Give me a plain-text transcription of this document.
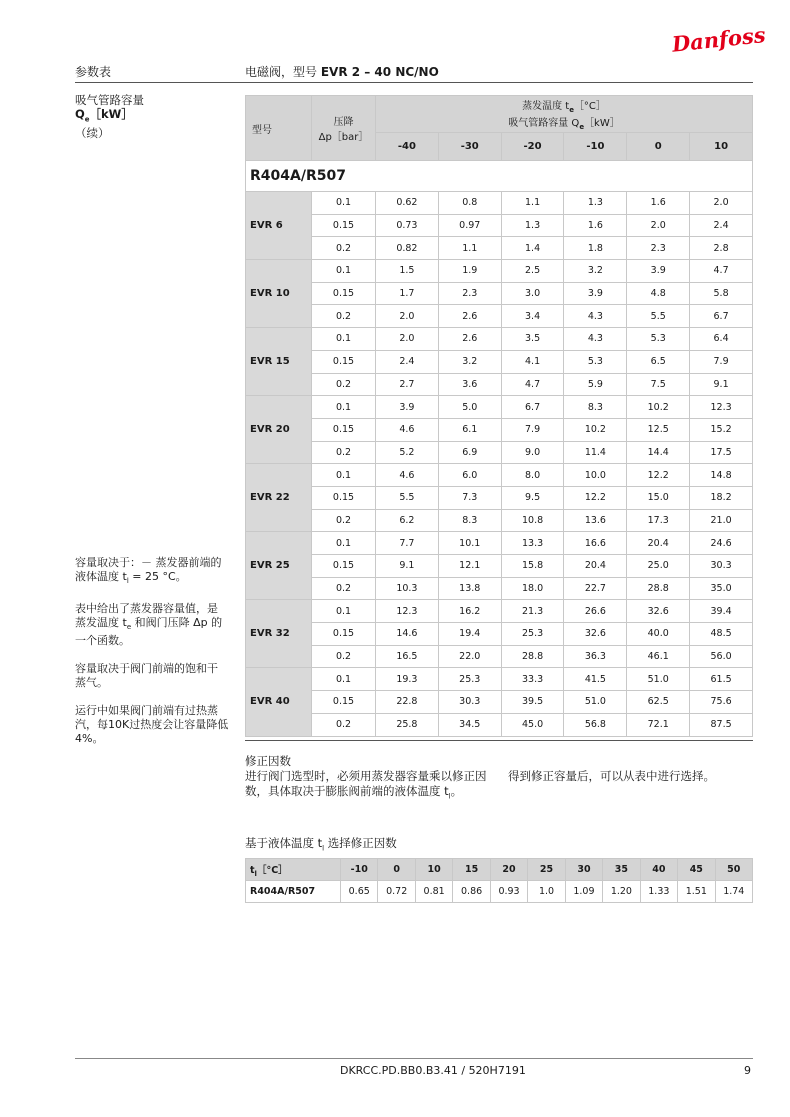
Danfoss
参数表	电磁阀，型号 EVR 2 – 40 NC/NO
吸气管路容量
$Q_e[kW]$
（续）

容量取决于：－ 蒸发器前端的
液体温度 $t_l = 25$ °C。

表中给出了蒸发器容量值，是
蒸发温度 $t_e$ 和阀门压降 Δp 的
一个函数。

容量取决于阀门前端的饱和干
蒸气。

运行中如果阀门前端有过热蒸
汽，每10K过热度会让容量降低
4%。

型号	压降
Δp［bar］	蒸发温度 $t_e[^\circ C]$
吸气管路容量 $Q_e[kW]$					
		-40	-30	-20	-10	0	10
R404A/R507							
EVR 6	0.1	0.62	0.8	1.1	1.3	1.6	2.0
	0.15	0.73	0.97	1.3	1.6	2.0	2.4
	0.2	0.82	1.1	1.4	1.8	2.3	2.8
EVR 10	0.1	1.5	1.9	2.5	3.2	3.9	4.7
	0.15	1.7	2.3	3.0	3.9	4.8	5.8
	0.2	2.0	2.6	3.4	4.3	5.5	6.7
EVR 15	0.1	2.0	2.6	3.5	4.3	5.3	6.4
	0.15	2.4	3.2	4.1	5.3	6.5	7.9
	0.2	2.7	3.6	4.7	5.9	7.5	9.1
EVR 20	0.1	3.9	5.0	6.7	8.3	10.2	12.3
	0.15	4.6	6.1	7.9	10.2	12.5	15.2
	0.2	5.2	6.9	9.0	11.4	14.4	17.5
EVR 22	0.1	4.6	6.0	8.0	10.0	12.2	14.8
	0.15	5.5	7.3	9.5	12.2	15.0	18.2
	0.2	6.2	8.3	10.8	13.6	17.3	21.0
EVR 25	0.1	7.7	10.1	13.3	16.6	20.4	24.6
	0.15	9.1	12.1	15.8	20.4	25.0	30.3
	0.2	10.3	13.8	18.0	22.7	28.8	35.0
EVR 32	0.1	12.3	16.2	21.3	26.6	32.6	39.4
	0.15	14.6	19.4	25.3	32.6	40.0	48.5
	0.2	16.5	22.0	28.8	36.3	46.1	56.0
EVR 40	0.1	19.3	25.3	33.3	41.5	51.0	61.5
	0.15	22.8	30.3	39.5	51.0	62.5	75.6
	0.2	25.8	34.5	45.0	56.8	72.1	87.5
修正因数
进行阀门选型时，必须用蒸发器容量乘以修正因
数，具体取决于膨胀阀前端的液体温度 $t_l$。
得到修正容量后，可以从表中进行选择。
基于液体温度 $t_l$ 选择修正因数
$t_l[^\circ C]$	-10	0	10	15	20	25	30	35	40	45	50
R404A/R507	0.65	0.72	0.81	0.86	0.93	1.0	1.09	1.20	1.33	1.51	1.74
DKRCC.PD.BB0.B3.41 / 520H7191	9
